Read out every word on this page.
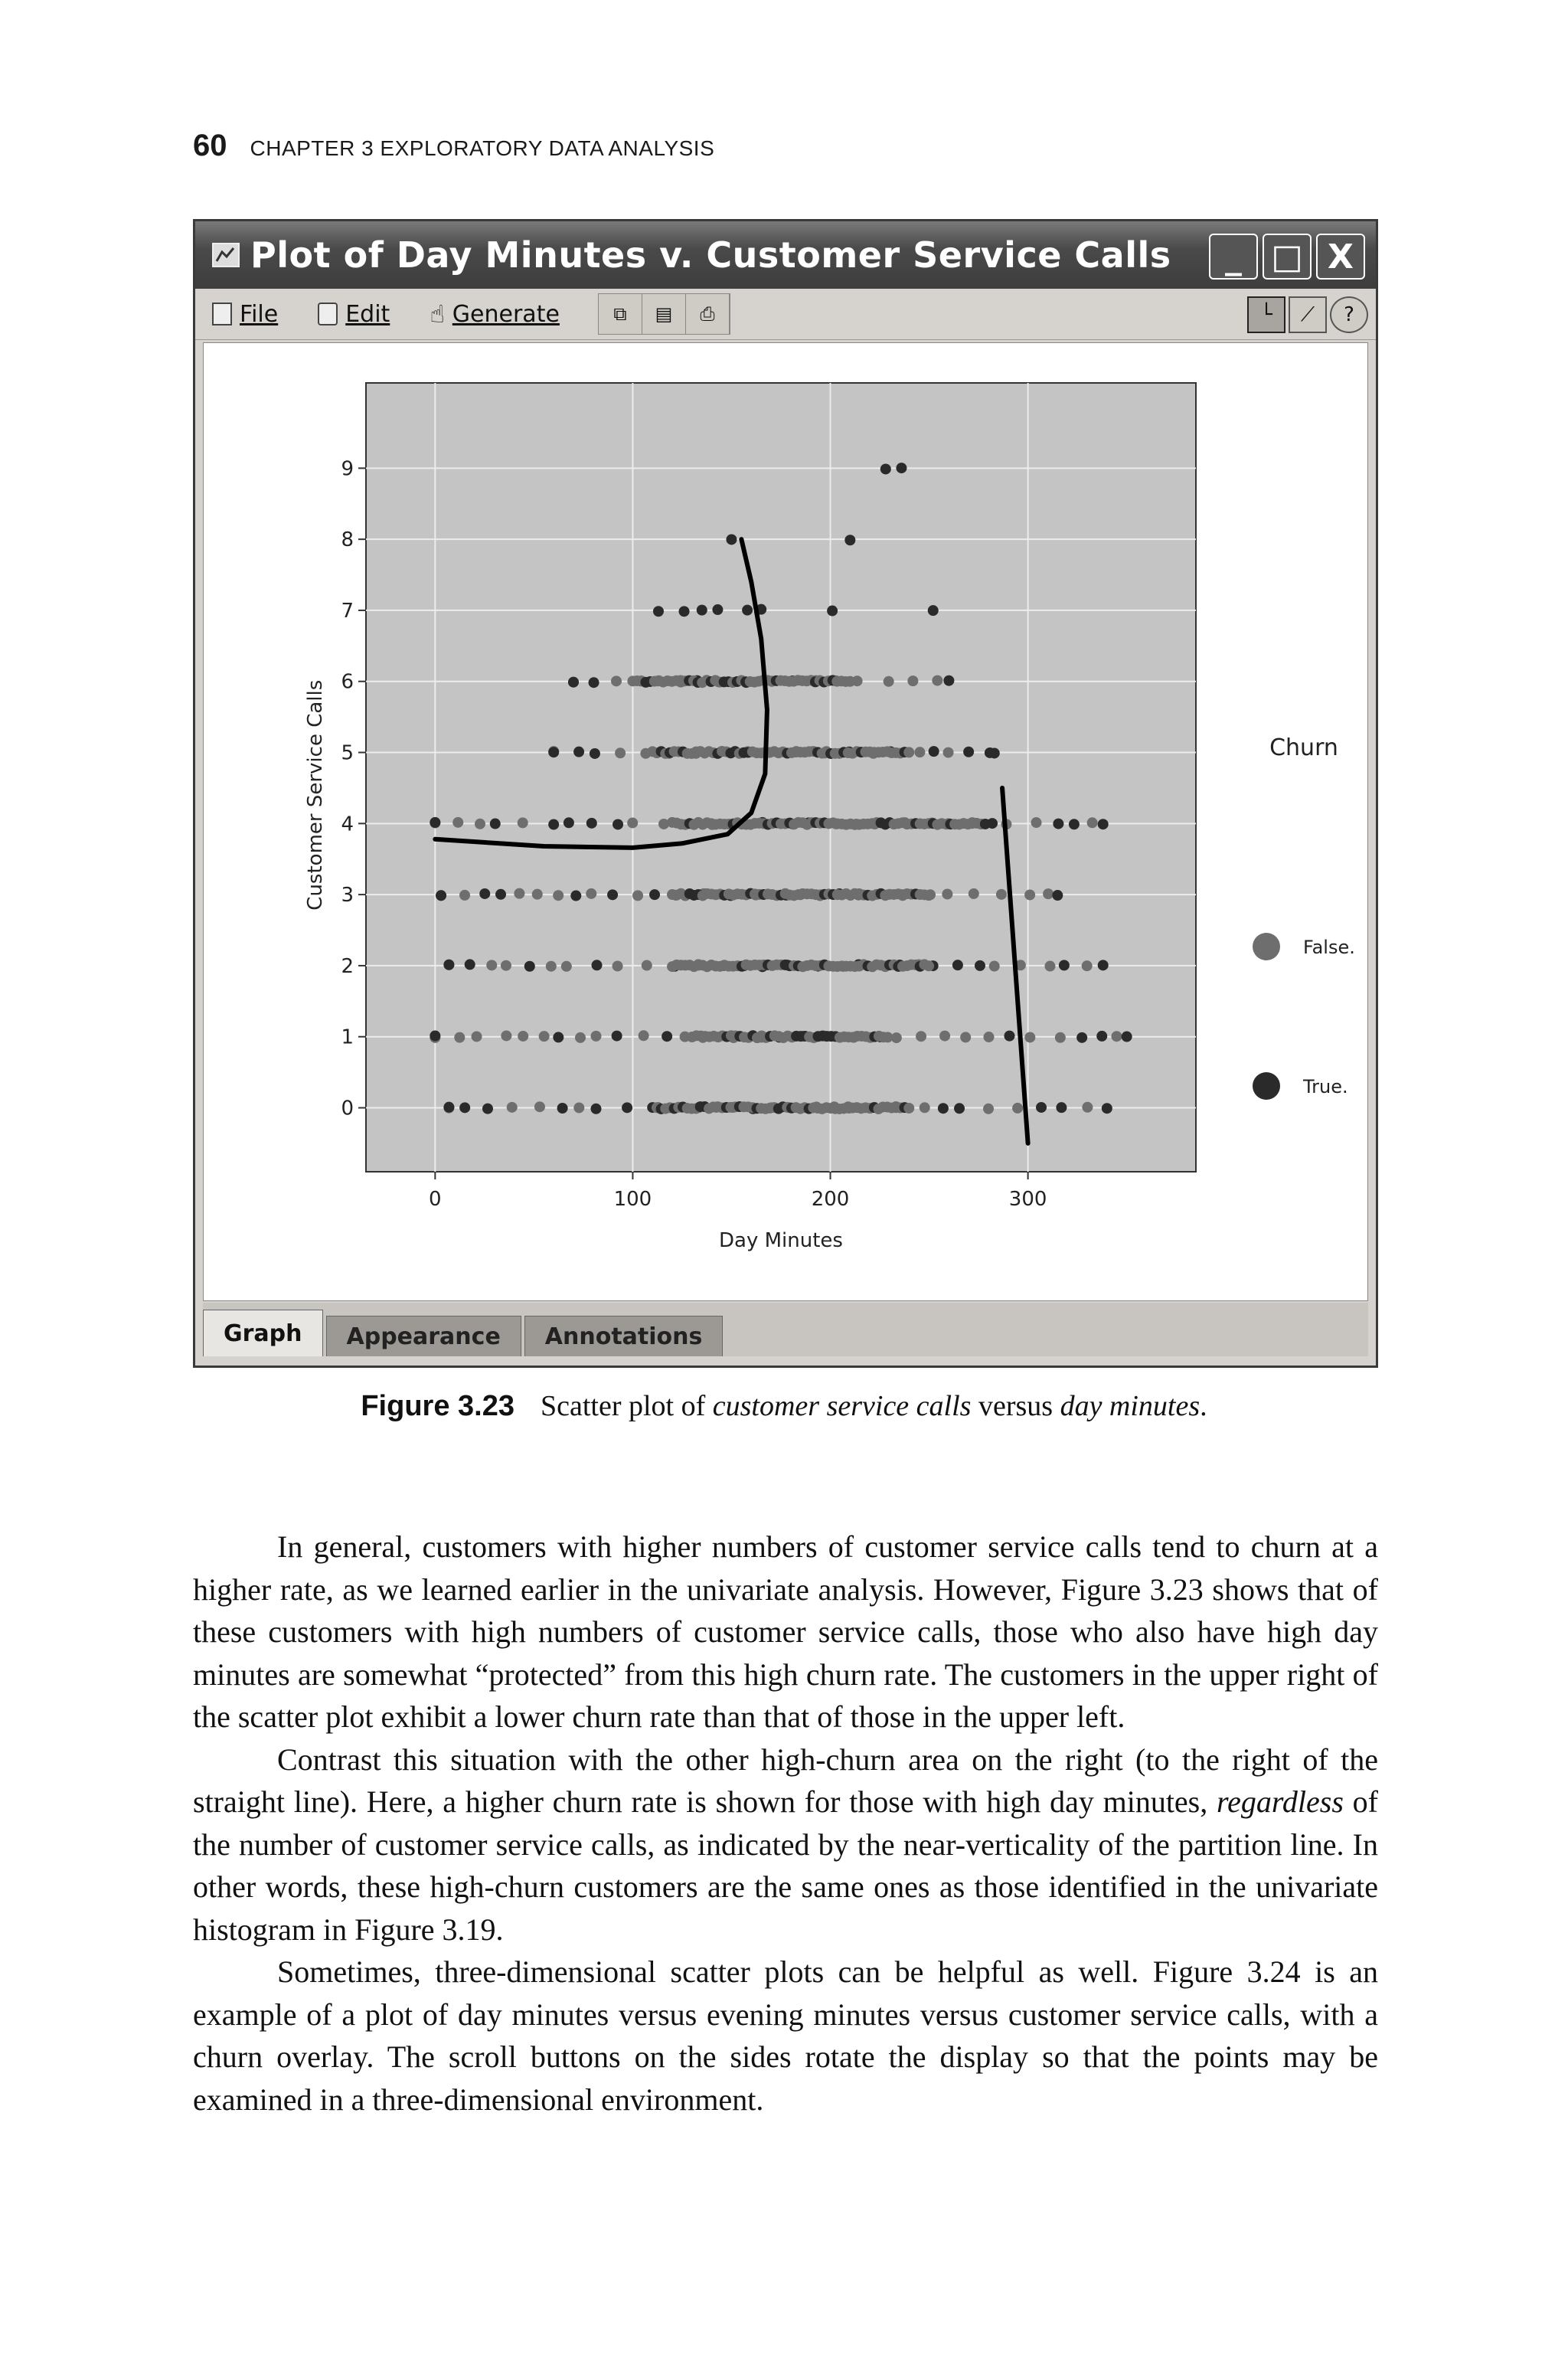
60 CHAPTER 3 EXPLORATORY DATA ANALYSIS
Plot of Day Minutes v. Customer Service Calls	_ □ X
File	Edit ☝ Generate	⧉	▤	⎙	└	⟋	?
0	100	200	300
0
1
2
3
4
5
6
7
8
9
Day Minutes
Customer Service Calls	Churn
False.
True.
Graph	Appearance	Annotations
Figure 3.23 Scatter plot of customer service calls versus day minutes.

In general, customers with higher numbers of customer service calls tend to churn at a higher rate, as we learned earlier in the univariate analysis. However, Figure 3.23 shows that of these customers with high numbers of customer service calls, those who also have high day minutes are somewhat “protected” from this high churn rate. The customers in the upper right of the scatter plot exhibit a lower churn rate than that of those in the upper left.

Contrast this situation with the other high-churn area on the right (to the right of the straight line). Here, a higher churn rate is shown for those with high day minutes, regardless of the number of customer service calls, as indicated by the near-verticality of the partition line. In other words, these high-churn customers are the same ones as those identified in the univariate histogram in Figure 3.19.

Sometimes, three-dimensional scatter plots can be helpful as well. Figure 3.24 is an example of a plot of day minutes versus evening minutes versus customer service calls, with a churn overlay. The scroll buttons on the sides rotate the display so that the points may be examined in a three-dimensional environment.
